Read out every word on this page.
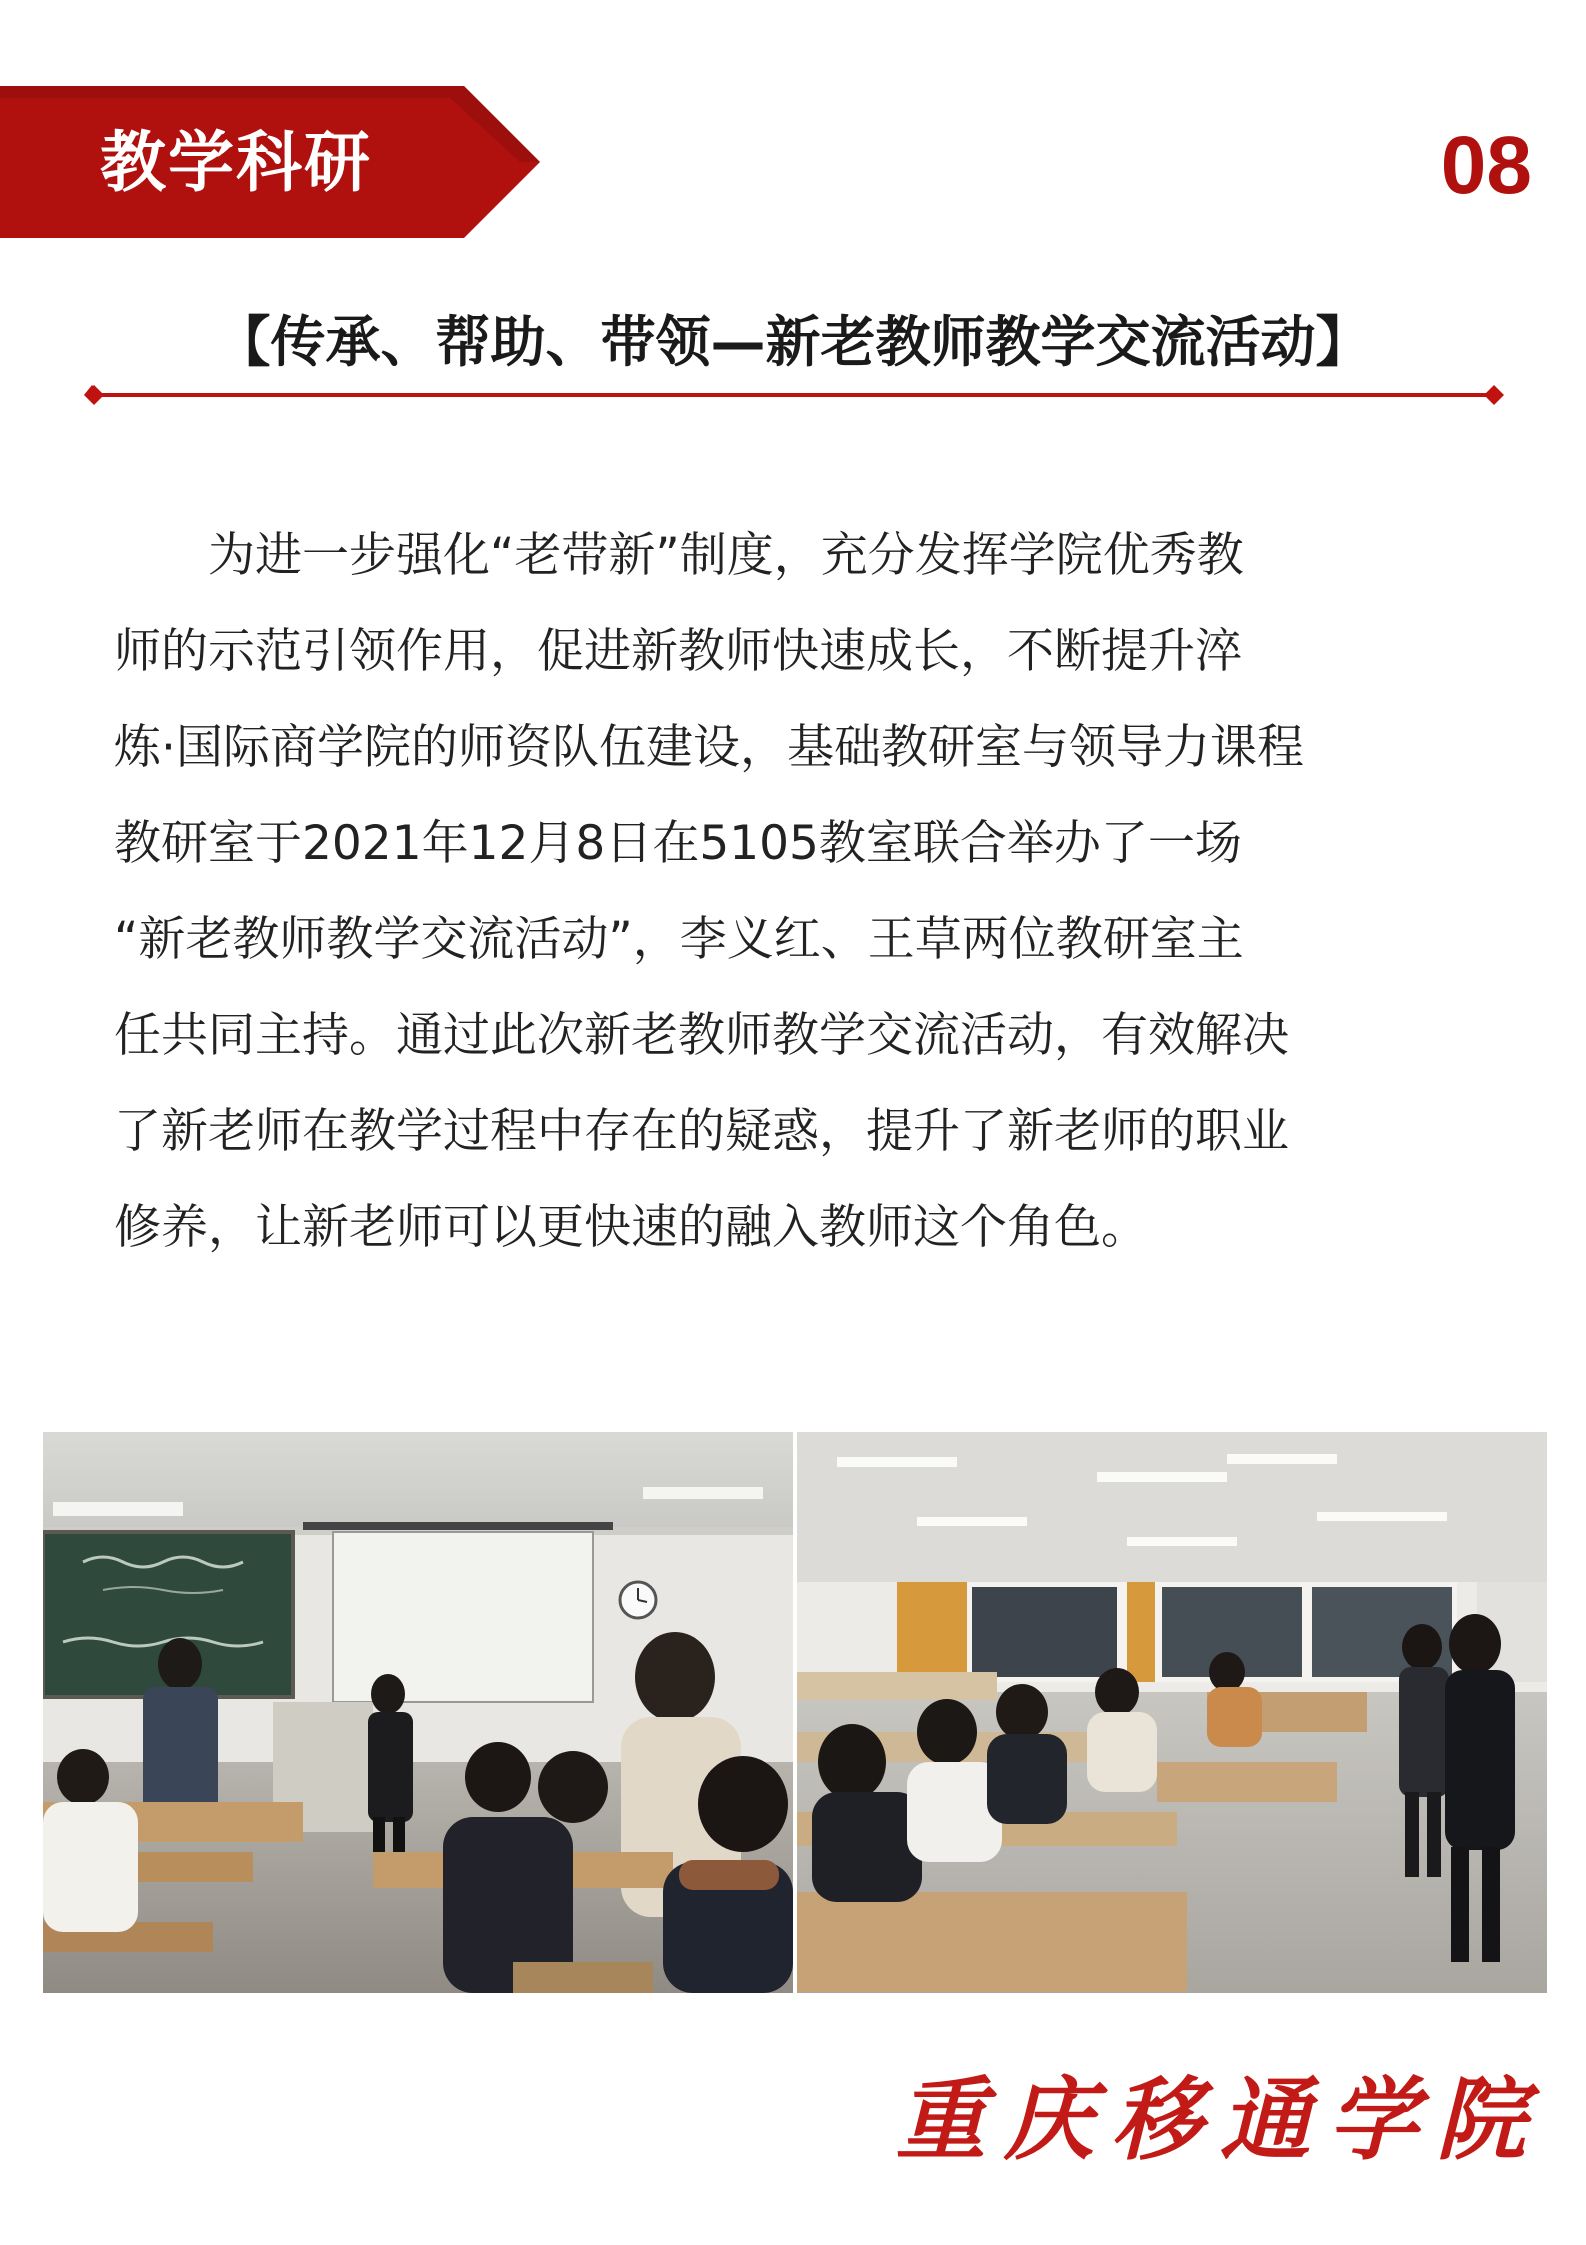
教学科研	08
【传承、帮助、带领—新老教师教学交流活动】
　　为进一步强化“老带新”制度，充分发挥学院优秀教
师的示范引领作用，促进新教师快速成长，不断提升淬
炼·国际商学院的师资队伍建设，基础教研室与领导力课程
教研室于2021年12月8日在5105教室联合举办了一场
“新老教师教学交流活动”，李义红、王草两位教研室主
任共同主持。通过此次新老教师教学交流活动，有效解决
了新老师在教学过程中存在的疑惑，提升了新老师的职业
修养，让新老师可以更快速的融入教师这个角色。
重庆移通学院
